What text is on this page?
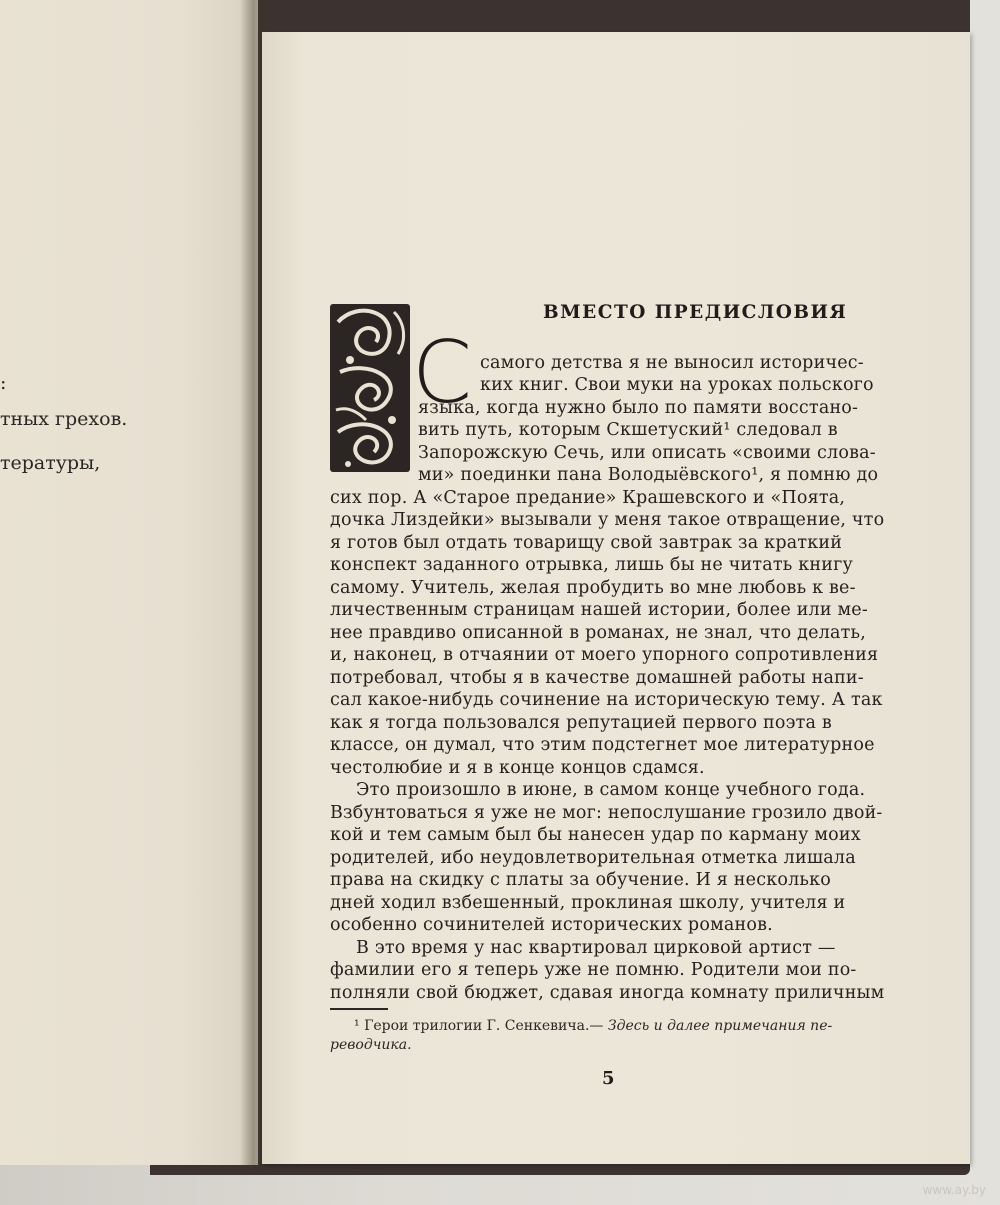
:
тных грехов.
тературы,
ВМЕСТО ПРЕДИСЛОВИЯ
С самого детства я не выносил историчес-
ких книг. Свои муки на уроках польского
языка, когда нужно было по памяти восстано-
вить путь, которым Скшетуский¹ следовал в
Запорожскую Сечь, или описать «своими слова-
ми» поединки пана Володыёвского¹, я помню до
сих пор. А «Старое предание» Крашевского и «Поята,
дочка Лиздейки» вызывали у меня такое отвращение, что
я готов был отдать товарищу свой завтрак за краткий
конспект заданного отрывка, лишь бы не читать книгу
самому. Учитель, желая пробудить во мне любовь к ве-
личественным страницам нашей истории, более или ме-
нее правдиво описанной в романах, не знал, что делать,
и, наконец, в отчаянии от моего упорного сопротивления
потребовал, чтобы я в качестве домашней работы напи-
сал какое-нибудь сочинение на историческую тему. А так
как я тогда пользовался репутацией первого поэта в
классе, он думал, что этим подстегнет мое литературное
честолюбие и я в конце концов сдамся.
Это произошло в июне, в самом конце учебного года.
Взбунтоваться я уже не мог: непослушание грозило двой-
кой и тем самым был бы нанесен удар по карману моих
родителей, ибо неудовлетворительная отметка лишала
права на скидку с платы за обучение. И я несколько
дней ходил взбешенный, проклиная школу, учителя и
особенно сочинителей исторических романов.
В это время у нас квартировал цирковой артист —
фамилии его я теперь уже не помню. Родители мои по-
полняли свой бюджет, сдавая иногда комнату приличным
¹ Герои трилогии Г. Сенкевича.— Здесь и далее примечания пе-
реводчика.
5
www.ay.by
